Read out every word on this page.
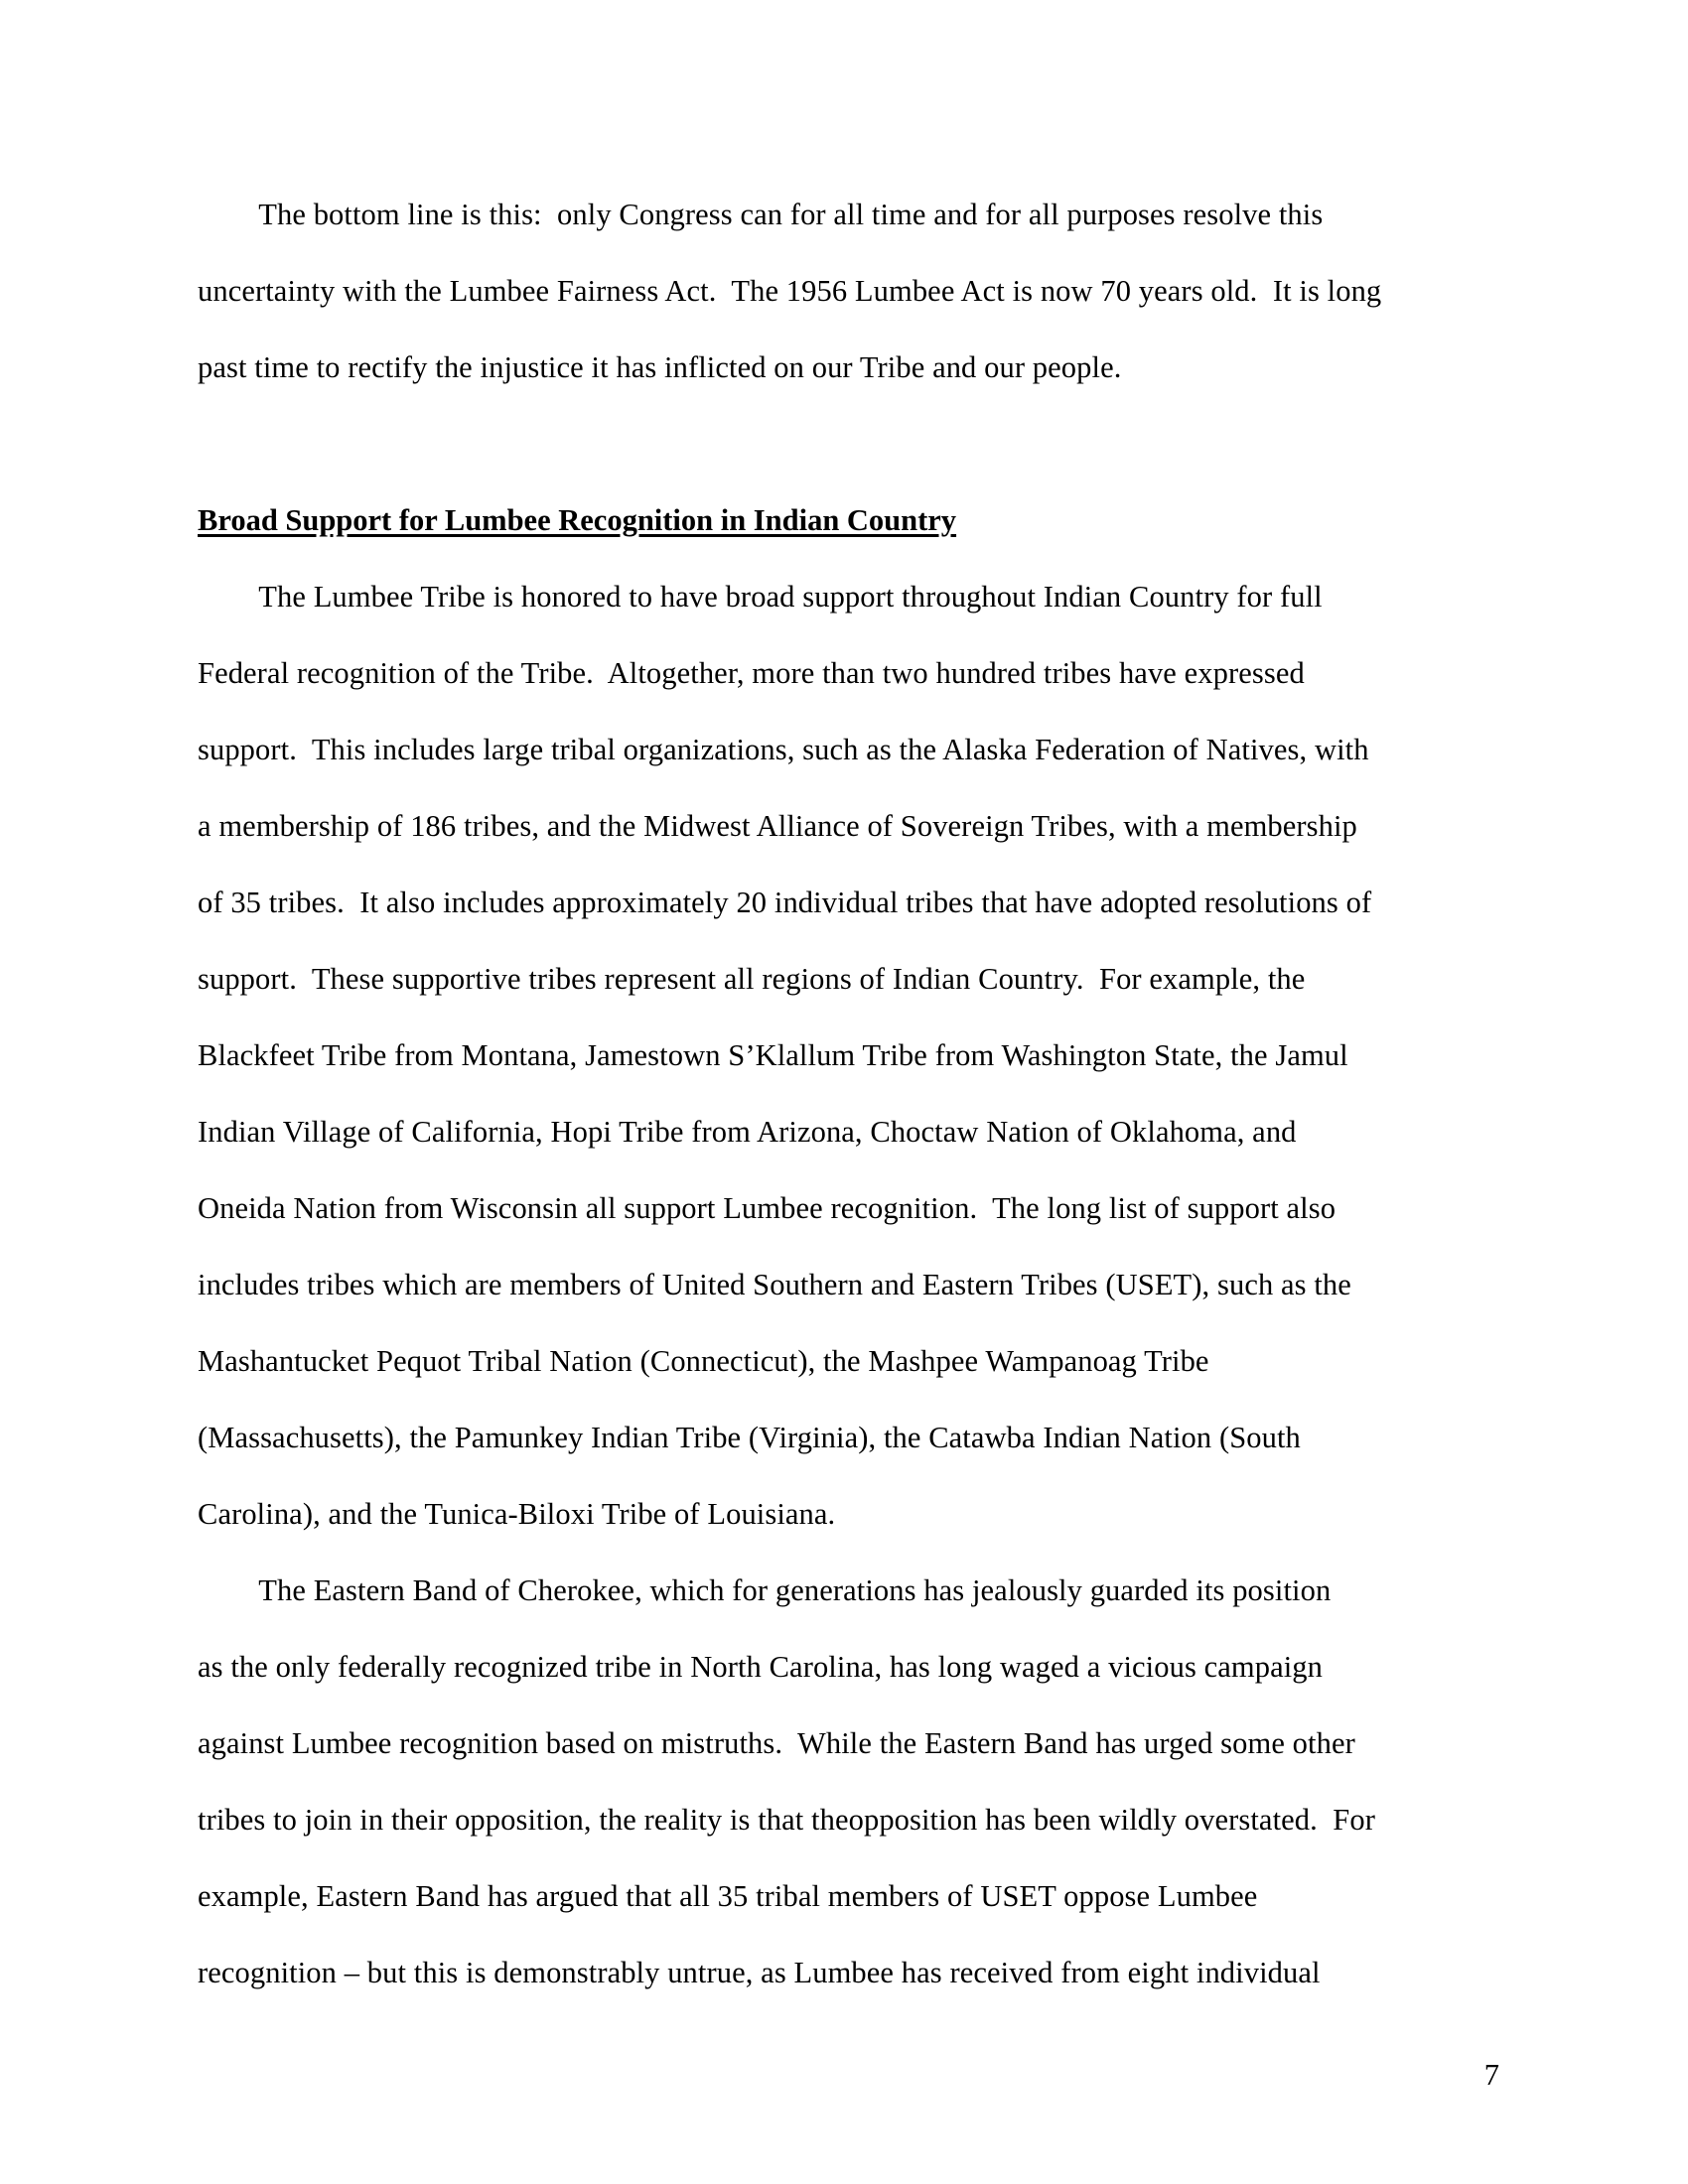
The bottom line is this:  only Congress can for all time and for all purposes resolve this
uncertainty with the Lumbee Fairness Act.  The 1956 Lumbee Act is now 70 years old.  It is long
past time to rectify the injustice it has inflicted on our Tribe and our people.

Broad Support for Lumbee Recognition in Indian Country

The Lumbee Tribe is honored to have broad support throughout Indian Country for full
Federal recognition of the Tribe.  Altogether, more than two hundred tribes have expressed
support.  This includes large tribal organizations, such as the Alaska Federation of Natives, with
a membership of 186 tribes, and the Midwest Alliance of Sovereign Tribes, with a membership
of 35 tribes.  It also includes approximately 20 individual tribes that have adopted resolutions of
support.  These supportive tribes represent all regions of Indian Country.  For example, the
Blackfeet Tribe from Montana, Jamestown S’Klallum Tribe from Washington State, the Jamul
Indian Village of California, Hopi Tribe from Arizona, Choctaw Nation of Oklahoma, and
Oneida Nation from Wisconsin all support Lumbee recognition.  The long list of support also
includes tribes which are members of United Southern and Eastern Tribes (USET), such as the
Mashantucket Pequot Tribal Nation (Connecticut), the Mashpee Wampanoag Tribe
(Massachusetts), the Pamunkey Indian Tribe (Virginia), the Catawba Indian Nation (South
Carolina), and the Tunica-Biloxi Tribe of Louisiana.

The Eastern Band of Cherokee, which for generations has jealously guarded its position
as the only federally recognized tribe in North Carolina, has long waged a vicious campaign
against Lumbee recognition based on mistruths.  While the Eastern Band has urged some other
tribes to join in their opposition, the reality is that theopposition has been wildly overstated.  For
example, Eastern Band has argued that all 35 tribal members of USET oppose Lumbee
recognition – but this is demonstrably untrue, as Lumbee has received from eight individual

7
